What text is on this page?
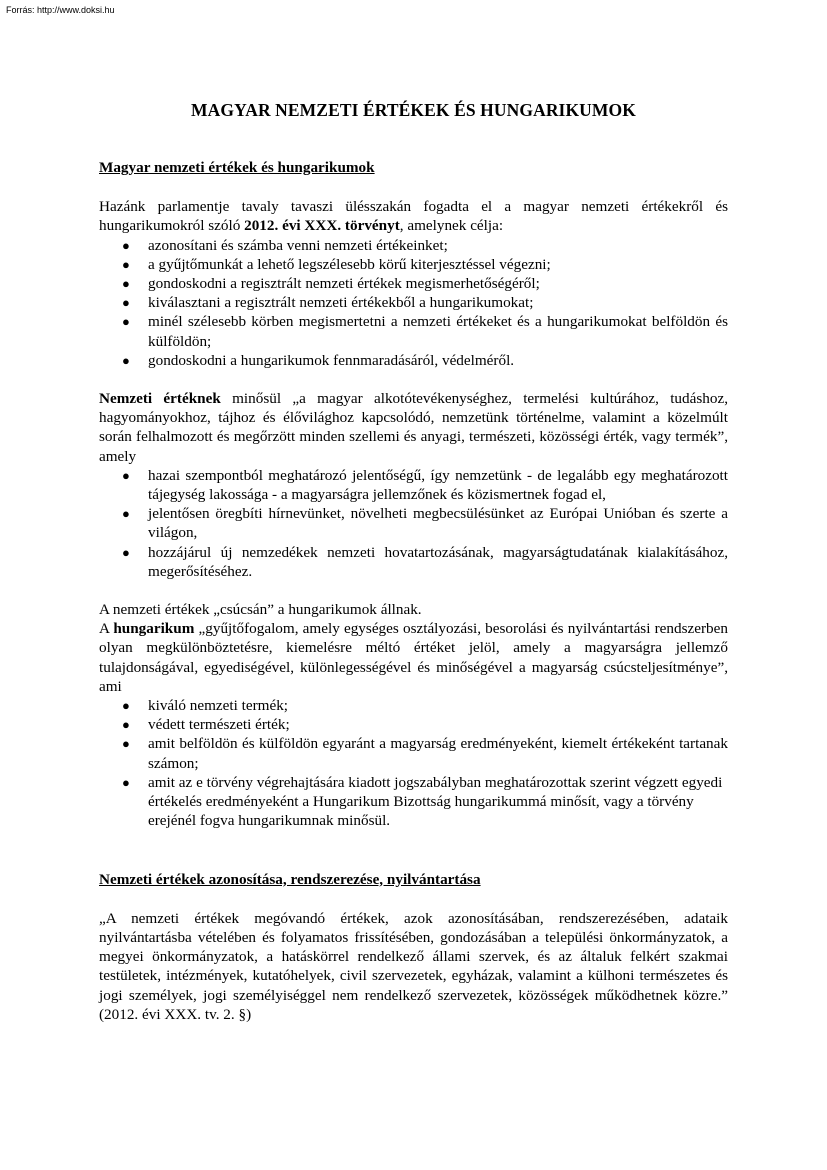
Forrás: http://www.doksi.hu
MAGYAR NEMZETI ÉRTÉKEK ÉS HUNGARIKUMOK

Magyar nemzeti értékek és hungarikumok

Hazánk parlamentje tavaly tavaszi ülésszakán fogadta el a magyar nemzeti értékekről és hungarikumokról szóló 2012. évi XXX. törvényt, amelynek célja:

● azonosítani és számba venni nemzeti értékeinket;
● a gyűjtőmunkát a lehető legszélesebb körű kiterjesztéssel végezni;
● gondoskodni a regisztrált nemzeti értékek megismerhetőségéről;
● kiválasztani a regisztrált nemzeti értékekből a hungarikumokat;
● minél szélesebb körben megismertetni a nemzeti értékeket és a hungarikumokat belföldön és külföldön;
● gondoskodni a hungarikumok fennmaradásáról, védelméről.

Nemzeti értéknek minősül „a magyar alkotótevékenységhez, termelési kultúrához, tudáshoz, hagyományokhoz, tájhoz és élővilághoz kapcsolódó, nemzetünk történelme, valamint a közelmúlt során felhalmozott és megőrzött minden szellemi és anyagi, természeti, közösségi érték, vagy termék”, amely

● hazai szempontból meghatározó jelentőségű, így nemzetünk - de legalább egy meghatározott tájegység lakossága - a magyarságra jellemzőnek és közismertnek fogad el,
● jelentősen öregbíti hírnevünket, növelheti megbecsülésünket az Európai Unióban és szerte a világon,
● hozzájárul új nemzedékek nemzeti hovatartozásának, magyarságtudatának kialakításához, megerősítéséhez.

A nemzeti értékek „csúcsán” a hungarikumok állnak.

A hungarikum „gyűjtőfogalom, amely egységes osztályozási, besorolási és nyilvántartási rendszerben olyan megkülönböztetésre, kiemelésre méltó értéket jelöl, amely a magyarságra jellemző tulajdonságával, egyediségével, különlegességével és minőségével a magyarság csúcsteljesítménye”, ami

● kiváló nemzeti termék;
● védett természeti érték;
● amit belföldön és külföldön egyaránt a magyarság eredményeként, kiemelt értékeként tartanak számon;
● amit az e törvény végrehajtására kiadott jogszabályban meghatározottak szerint végzett egyedi értékelés eredményeként a Hungarikum Bizottság hungarikummá minősít, vagy a törvény erejénél fogva hungarikumnak minősül.

Nemzeti értékek azonosítása, rendszerezése, nyilvántartása

„A nemzeti értékek megóvandó értékek, azok azonosításában, rendszerezésében, adataik nyilvántartásba vételében és folyamatos frissítésében, gondozásában a települési önkormányzatok, a megyei önkormányzatok, a hatáskörrel rendelkező állami szervek, és az általuk felkért szakmai testületek, intézmények, kutatóhelyek, civil szervezetek, egyházak, valamint a külhoni természetes és jogi személyek, jogi személyiséggel nem rendelkező szervezetek, közösségek működhetnek közre.” (2012. évi XXX. tv. 2. §)
